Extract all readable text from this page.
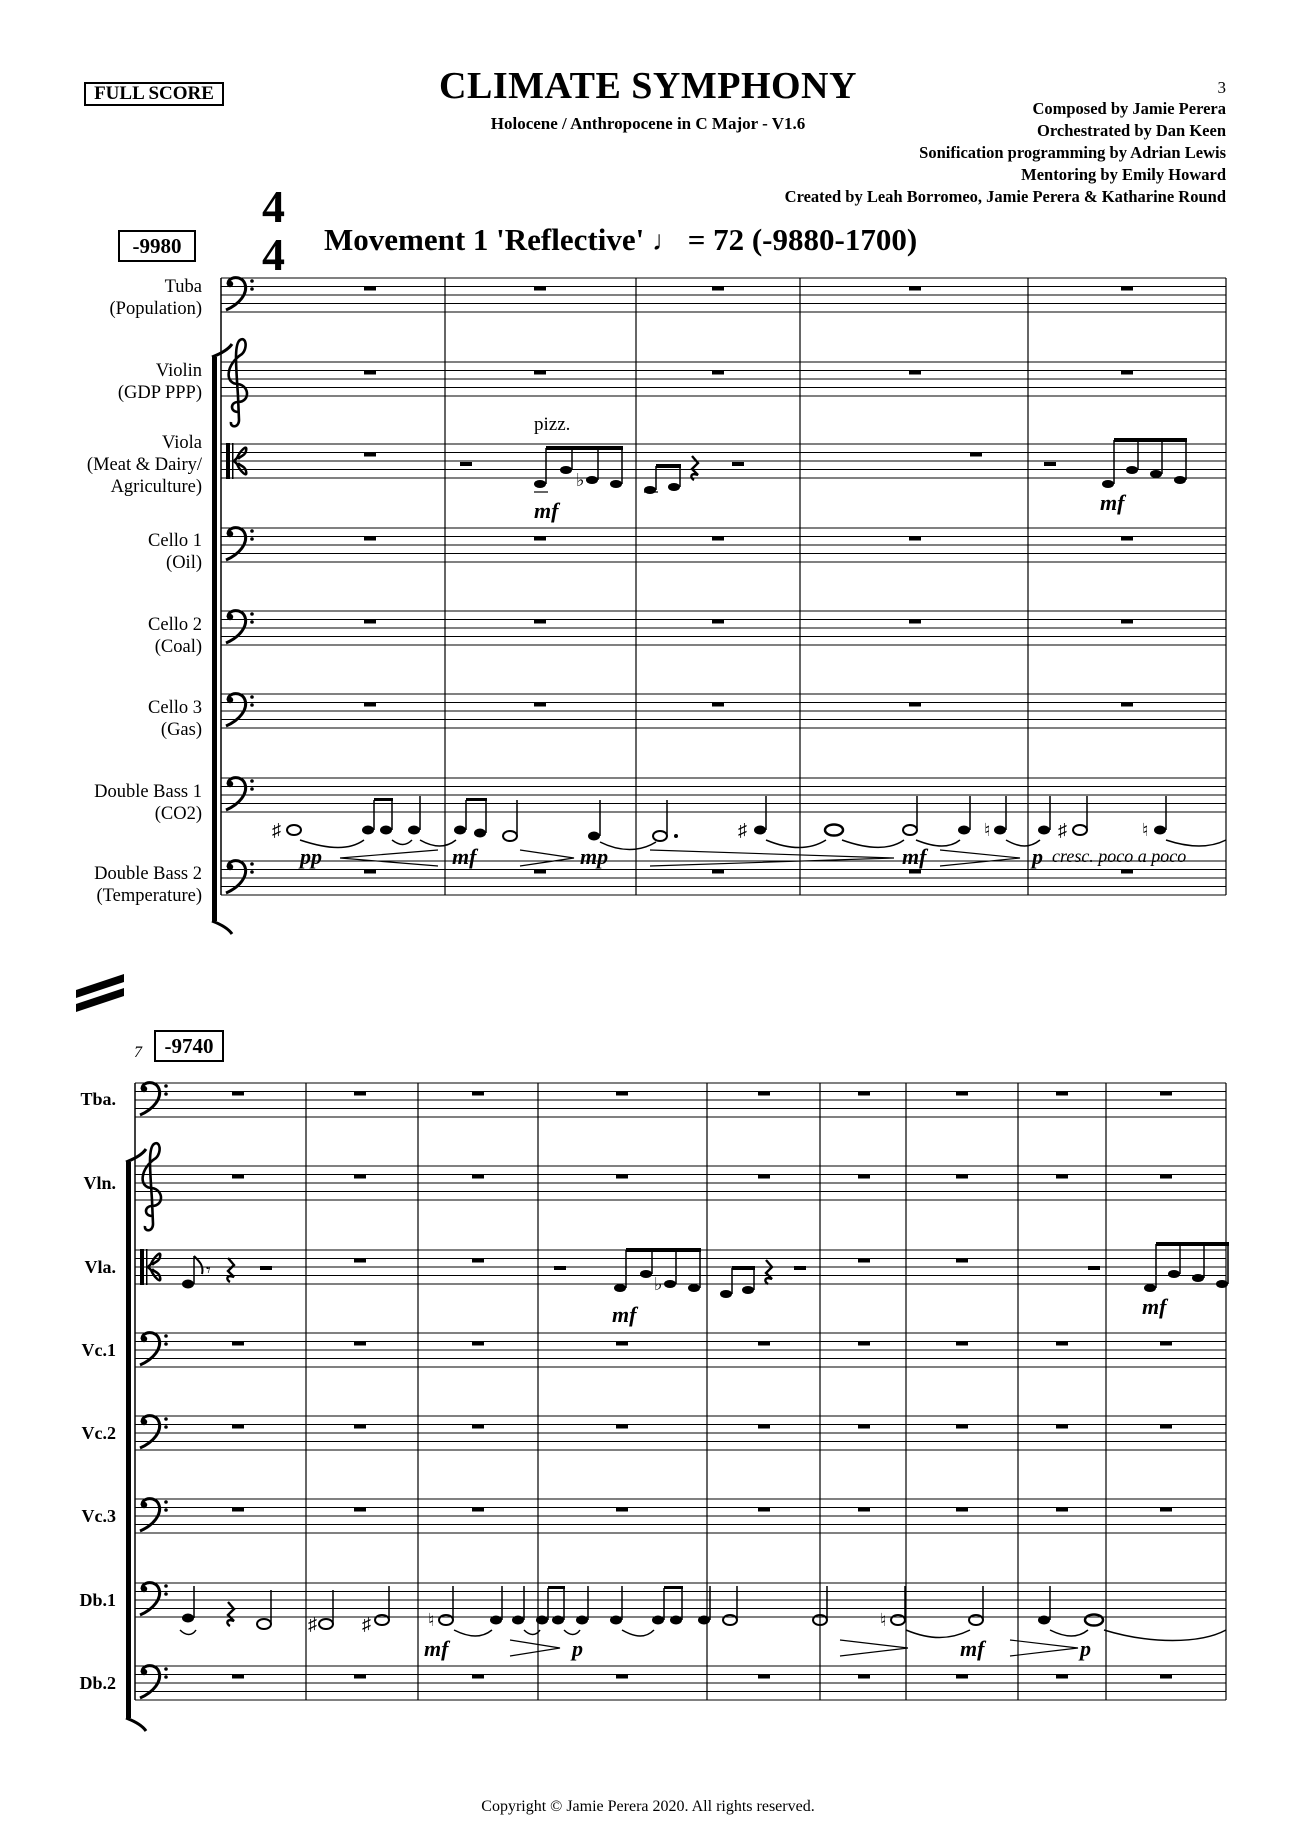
FULL SCORE	CLIMATE SYMPHONY
Holocene / Anthropocene in C Major - V1.6
3
Composed by Jamie Perera
Orchestrated by Dan Keen
Sonification programming by Adrian Lewis
Mentoring by Emily Howard
Created by Leah Borromeo, Jamie Perera & Katharine Round
-9980	Movement 1 'Reflective' ♩ = 72 (-9880-1700)
Tuba
(Population)
Violin
(GDP PPP)
Viola
(Meat & Dairy/
Agriculture)
Cello 1
(Oil)
Cello 2
(Coal)
Cello 3
(Gas)
Double Bass 1
(CO2)
Double Bass 2
(Temperature)
7	-9740
Tba.
Vln.
Vla.
Vc.1
Vc.2
Vc.3
Db.1
Db.2
Copyright © Jamie Perera 2020. All rights reserved.
4
4
♭
pizz.
mf	mf
♯	♯	♮	♯	♮
pp	mf	mp	mf	p cresc. poco a poco
𝄾
♭
mf	mf
♯	♯	♮	♮
mf	p	mf	p
